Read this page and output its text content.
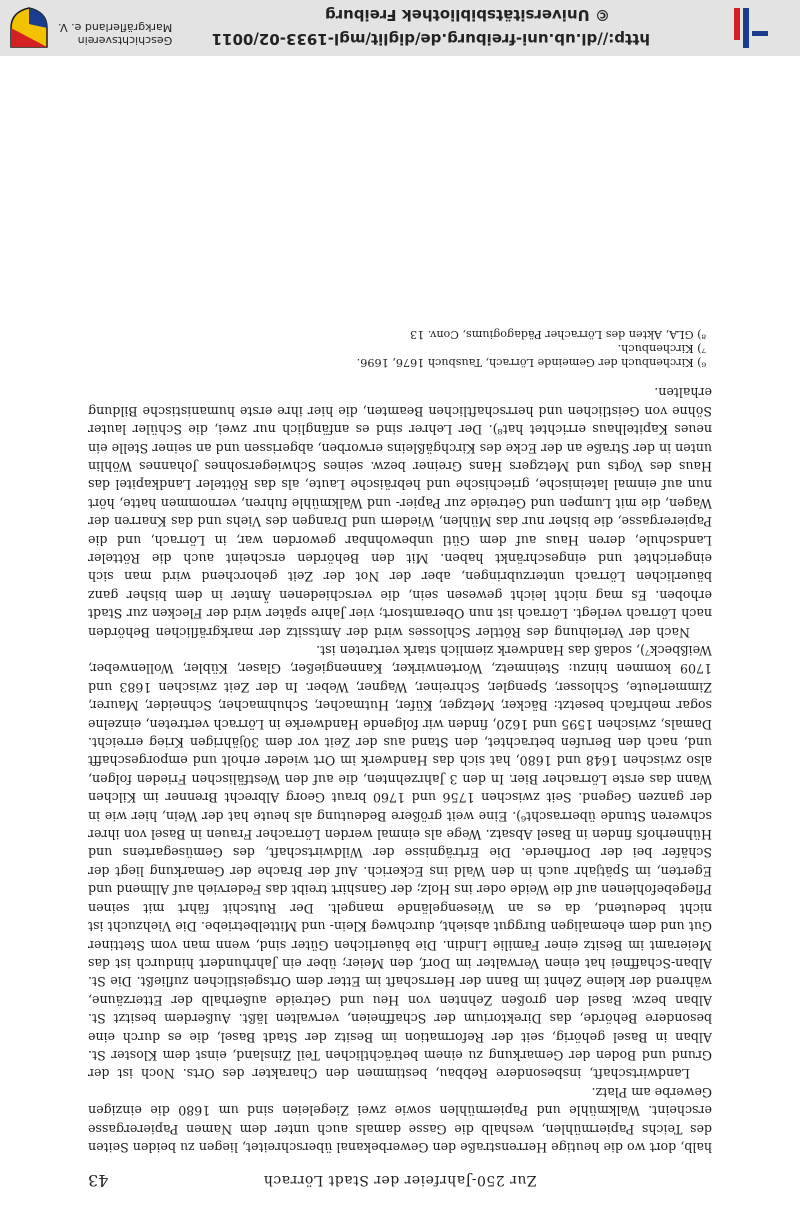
Zur 250-Jahrfeier der Stadt Lörrach
43

halb, dort wo die heutige Herrenstraße den Gewerbekanal überschreitet, liegen zu beiden Seiten des Teichs Papiermühlen, weshalb die Gasse damals auch unter dem Namen Papierergasse erscheint. Walkmühle und Papiermühlen sowie zwei Ziegeleien sind um 1680 die einzigen Gewerbe am Platz.

Landwirtschaft, insbesondere Rebbau, bestimmen den Charakter des Orts. Noch ist der Grund und Boden der Gemarkung zu einem beträchtlichen Teil Zinsland, einst dem Kloster St. Alban in Basel gehörig, seit der Reformation im Besitz der Stadt Basel, die es durch eine besondere Behörde, das Direktorium der Schaffneien, verwalten läßt. Außerdem besitzt St. Alban bezw. Basel den großen Zehnten von Heu und Getreide außerhalb der Etterzäune, während der kleine Zehnt im Bann der Herrschaft im Etter dem Ortsgeistlichen zufließt. Die St. Alban-Schaffnei hat einen Verwalter im Dorf, den Meier; über ein Jahrhundert hindurch ist das Meieramt im Besitz einer Familie Lindin. Die bäuerlichen Güter sind, wenn man vom Stettiner Gut und dem ehemaligen Burggut absieht, durchweg Klein- und Mittelbetriebe. Die Viehzucht ist nicht bedeutend, da es an Wiesengelände mangelt. Der Rutschit fährt mit seinen Pflegebefohlenen auf die Weide oder ins Holz; der Ganshirt treibt das Federvieh auf Allmend und Egerten, im Spätjahr auch in den Wald ins Eckerich. Auf der Brache der Gemarkung liegt der Schäfer bei der Dorfherde. Die Erträgnisse der Wildwirtschaft, des Gemüsegartens und Hühnerhofs finden in Basel Absatz. Wege als einmal werden Lörracher Frauen in Basel von ihrer schweren Stunde überrascht⁶). Eine weit größere Bedeutung als heute hat der Wein, hier wie in der ganzen Gegend. Seit zwischen 1756 und 1760 braut Georg Albrecht Brenner im Kilchen Wann das erste Lörracher Bier. In den 3 Jahrzehnten, die auf den Westfälischen Frieden folgen, also zwischen 1648 und 1680, hat sich das Handwerk im Ort wieder erholt und emporgeschafft und, nach den Berufen betrachtet, den Stand aus der Zeit vor dem 30jährigen Krieg erreicht. Damals, zwischen 1595 und 1620, finden wir folgende Handwerke in Lörrach vertreten, einzelne sogar mehrfach besetzt: Bäcker, Metzger, Küfer, Hutmacher, Schuhmacher, Schneider, Maurer, Zimmerleute, Schlosser, Spengler, Schreiner, Wagner, Weber. In der Zeit zwischen 1683 und 1709 kommen hinzu: Steinmetz, Wortenwirker, Kannengießer, Glaser, Kübler, Wollenweber, Weißbeck⁷), sodaß das Handwerk ziemlich stark vertreten ist.

Nach der Verleihung des Röttler Schlosses wird der Amtssitz der markgräflichen Behörden nach Lörrach verlegt. Lörrach ist nun Oberamtsort; vier Jahre später wird der Flecken zur Stadt erhoben. Es mag nicht leicht gewesen sein, die verschiedenen Ämter in dem bisher ganz bäuerlichen Lörrach unterzubringen, aber der Not der Zeit gehorchend wird man sich eingerichtet und eingeschränkt haben. Mit den Behörden erscheint auch die Rötteler Landschule, deren Haus auf dem Gütl unbewohnbar geworden war, in Lörrach, und die Papierergasse, die bisher nur das Mühlen, Wiedern und Drangen des Viehs und das Knarren der Wagen, die mit Lumpen und Getreide zur Papier- und Walkmühle fuhren, vernommen hatte, hört nun auf einmal lateinische, griechische und hebräische Laute, als das Rötteler Landkapitel das Haus des Vogts und Metzgers Hans Greiner bezw. seines Schwiegersohnes Johannes Wöhlin unten in der Straße an der Ecke des Kirchgäßleins erworben, abgerissen und an seiner Stelle ein neues Kapitelhaus errichtet hat⁸). Der Lehrer sind es anfänglich nur zwei, die Schüler lauter Söhne von Geistlichen und herrschaftlichen Beamten, die hier ihre erste humanistische Bildung erhalten.

⁶) Kirchenbuch der Gemeinde Lörrach, Tausbuch 1676, 1696.

⁷) Kirchenbuch.

⁸) GLA, Akten des Lörracher Pädagogiums, Conv. 13

http://dl.ub.uni-freiburg.de/diglit/mgl-1933-02/0011
© Universitätsbibliothek Freiburg
Geschichtsverein
Markgräflerland e. V.
